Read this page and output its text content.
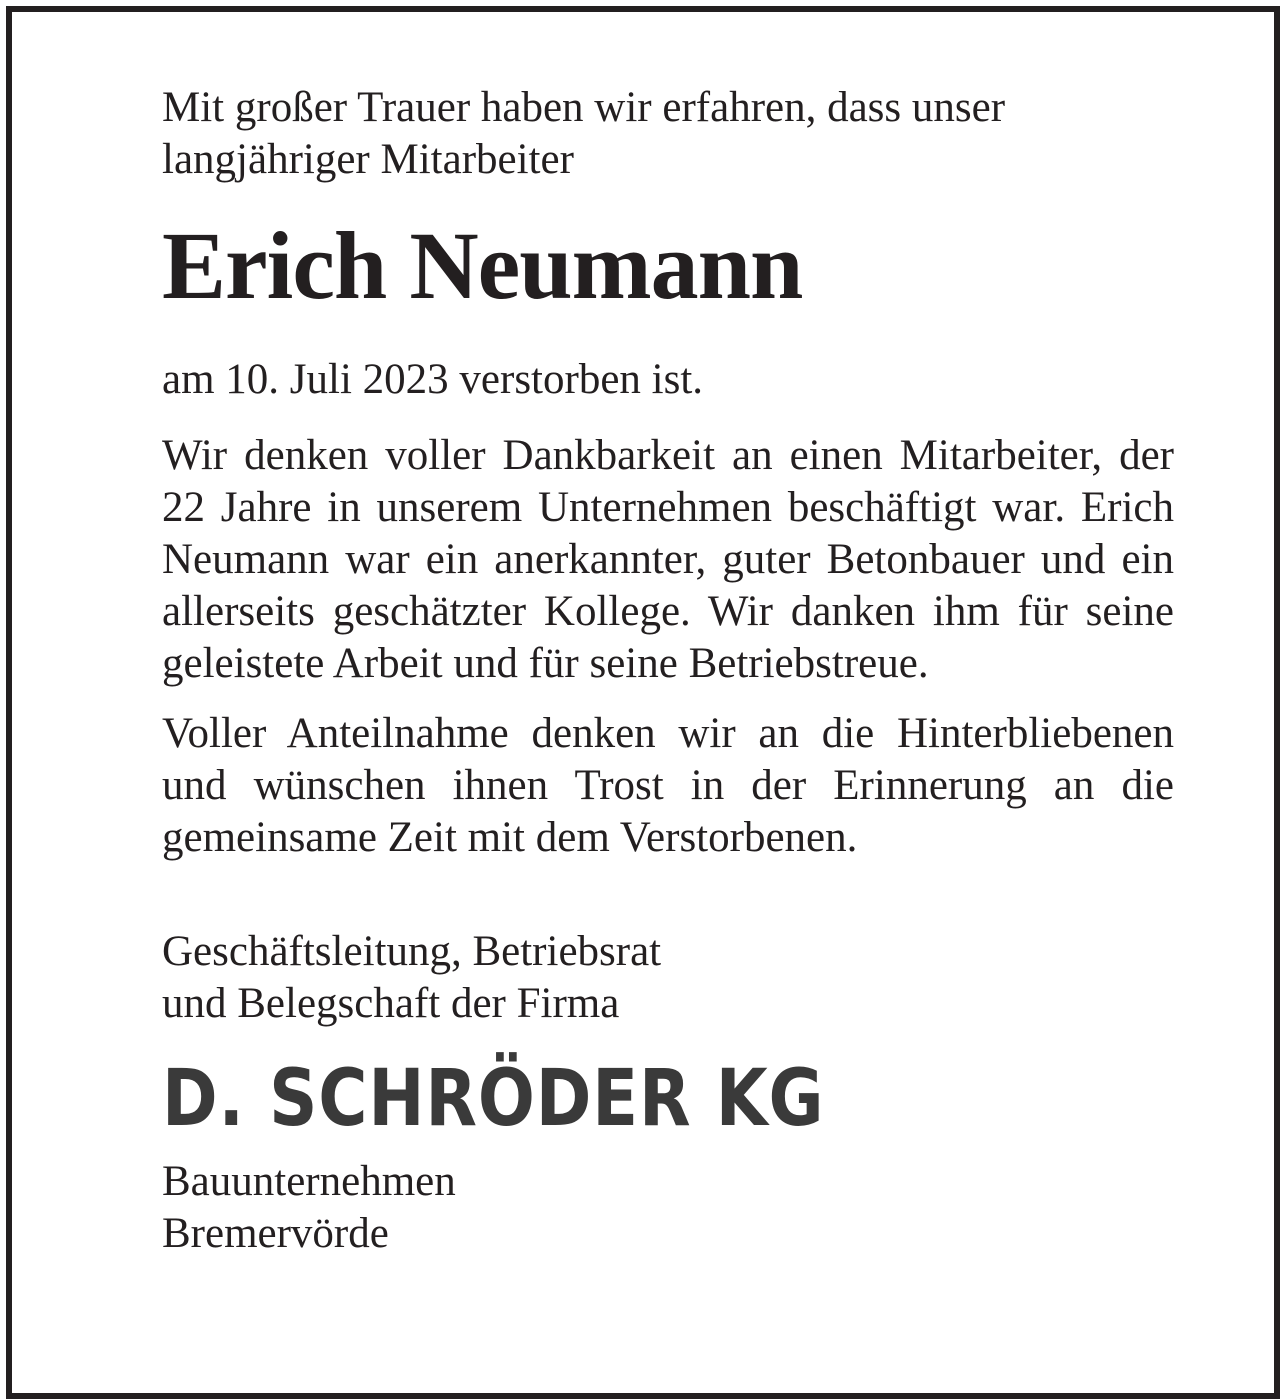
Mit großer Trauer haben wir erfahren, dass unser
langjähriger Mitarbeiter

Erich Neumann

am 10. Juli 2023 verstorben ist.

Wir denken voller Dankbarkeit an einen Mitarbeiter, der 22 Jahre in unserem Unternehmen beschäftigt war. Erich Neumann war ein anerkannter, guter Betonbauer und ein allerseits geschätzter Kollege. Wir danken ihm für seine geleistete Arbeit und für seine Betriebstreue.

Voller Anteilnahme denken wir an die Hinterbliebenen und wünschen ihnen Trost in der Erinnerung an die gemeinsame Zeit mit dem Verstorbenen.

Geschäftsleitung, Betriebsrat
und Belegschaft der Firma

D. SCHRÖDER KG

Bauunternehmen
Bremervörde
